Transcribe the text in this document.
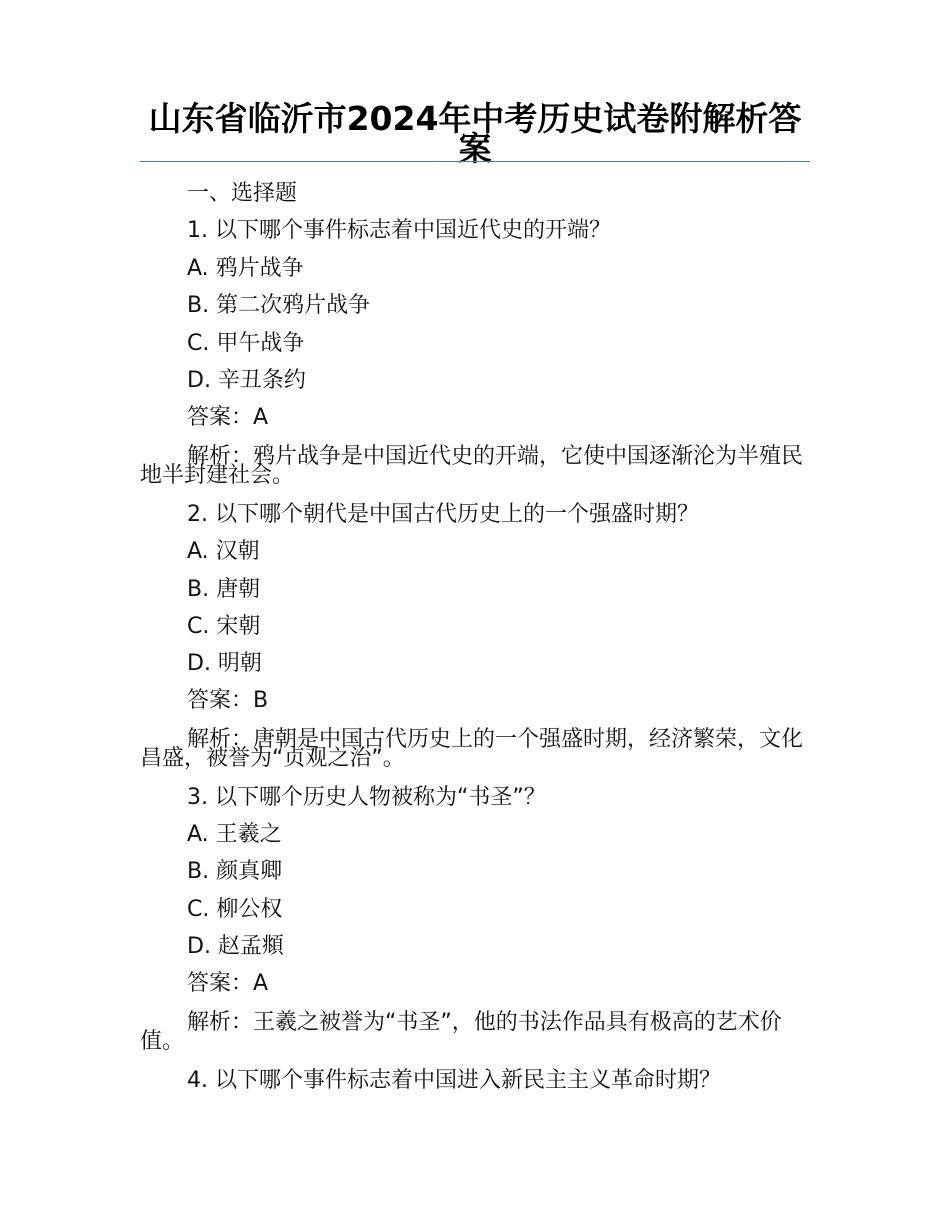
山东省临沂市2024年中考历史试卷附解析答案

一、选择题

1. 以下哪个事件标志着中国近代史的开端？

A. 鸦片战争

B. 第二次鸦片战争

C. 甲午战争

D. 辛丑条约

答案：A

解析：鸦片战争是中国近代史的开端，它使中国逐渐沦为半殖民地半封建社会。

2. 以下哪个朝代是中国古代历史上的一个强盛时期？

A. 汉朝

B. 唐朝

C. 宋朝

D. 明朝

答案：B

解析：唐朝是中国古代历史上的一个强盛时期，经济繁荣，文化昌盛，被誉为“贞观之治”。

3. 以下哪个历史人物被称为“书圣”？

A. 王羲之

B. 颜真卿

C. 柳公权

D. 赵孟頫

答案：A

解析：王羲之被誉为“书圣”，他的书法作品具有极高的艺术价值。

4. 以下哪个事件标志着中国进入新民主主义革命时期？
